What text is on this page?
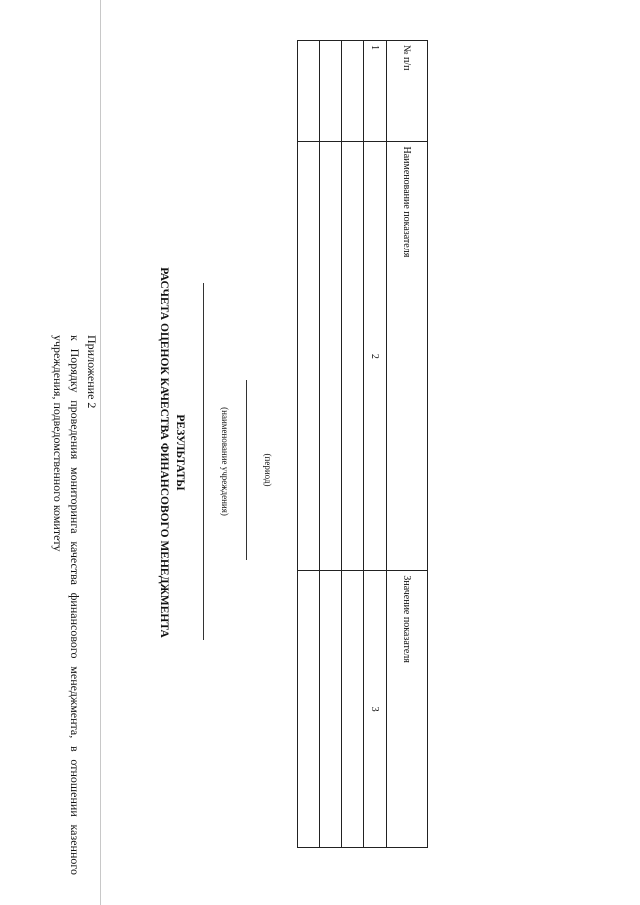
Приложение 2
к Порядку проведения мониторинга качества финансового менеджмента, в отношении казенного учреждения, подведомственного комитету	РЕЗУЛЬТАТЫ
РАСЧЕТА ОЦЕНОК КАЧЕСТВА ФИНАНСОВОГО МЕНЕДЖМЕНТА	(наименование учреждения)	(период)
№ п/п	Наименование показателя	Значение показателя
1	2	3
